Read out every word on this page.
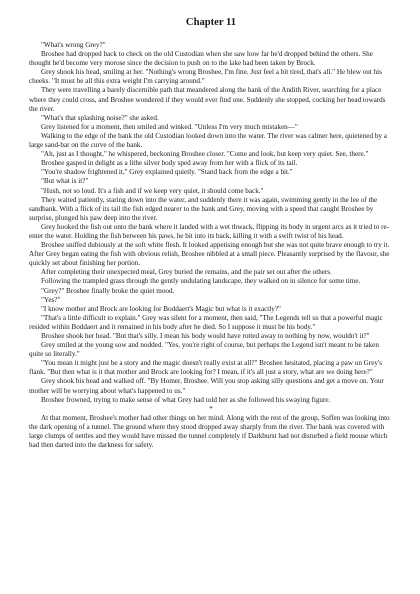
Chapter 11

"What's wrong Grey?"

Broshee had dropped back to check on the old Custodian when she saw how far he'd dropped behind the others. She thought he'd become very morose since the decision to push on to the lake had been taken by Brock.

Grey shook his head, smiling at her. "Nothing's wrong Broshee, I'm fine. Just feel a bit tired, that's all." He blew out his cheeks. "It must be all this extra weight I'm carrying around."

They were travelling a barely discernible path that meandered along the bank of the Andith River, searching for a place where they could cross, and Broshee wondered if they would ever find one. Suddenly she stopped, cocking her head towards the river.

"What's that splashing noise?" she asked.

Grey listened for a moment, then smiled and winked. "Unless I'm very much mistaken—"

Walking to the edge of the bank the old Custodian looked down into the water. The river was calmer here, quietened by a large sand-bar on the curve of the bank.

"Ah, just as I thought," he whispered, beckoning Broshee closer. "Come and look, but keep very quiet. See, there."

Broshee gasped in delight as a lithe silver body sped away from her with a flick of its tail.

"You're shadow frightened it," Grey explained quietly. "Stand back from the edge a bit."

"But what is it?"

"Hush, not so loud. It's a fish and if we keep very quiet, it should come back."

They waited patiently, staring down into the water, and suddenly there it was again, swimming gently in the lee of the sandbank. With a flick of its tail the fish edged nearer to the bank and Grey, moving with a speed that caught Broshee by surprise, plunged his paw deep into the river.

Grey hooked the fish out onto the bank where it landed with a wet thwack, flipping its body in urgent arcs as it tried to re-enter the water. Holding the fish between his paws, he bit into its back, killing it with a swift twist of his head.

Broshee sniffed dubiously at the soft white flesh. It looked appetising enough but she was not quite brave enough to try it. After Grey began eating the fish with obvious relish, Broshee nibbled at a small piece. Pleasantly surprised by the flavour, she quickly set about finishing her portion.

After completing their unexpected meal, Grey buried the remains, and the pair set out after the others.

Following the trampled grass through the gently undulating landscape, they walked on in silence for some time.

"Grey?" Broshee finally broke the quiet mood.

"Yes?"

"I know mother and Brock are looking for Boddaert's Magic but what is it exactly?"

"That's a little difficult to explain." Grey was silent for a moment, then said, "The Legends tell us that a powerful magic resided within Boddaert and it remained in his body after he died. So I suppose it must be his body."

Broshee shook her head. "But that's silly. I mean his body would have rotted away to nothing by now, wouldn't it?"

Grey smiled at the young sow and nodded. "Yes, you're right of course, but perhaps the Legend isn't meant to be taken quite so literally."

"You mean it might just be a story and the magic doesn't really exist at all?" Broshee hesitated, placing a paw on Grey's flank. "But then what is it that mother and Brock are looking for? I mean, if it's all just a story, what are we doing here?"

Grey shook his head and walked off. "By Homer, Broshee. Will you stop asking silly questions and get a move on. Your mother will be worrying about what's happened to us."

Broshee frowned, trying to make sense of what Grey had told her as she followed his swaying figure.

*

At that moment, Broshee's mother had other things on her mind. Along with the rest of the group, Soffen was looking into the dark opening of a tunnel. The ground where they stood dropped away sharply from the river. The bank was covered with large clumps of nettles and they would have missed the tunnel completely if Darkburst had not disturbed a field mouse which had then darted into the darkness for safety.
